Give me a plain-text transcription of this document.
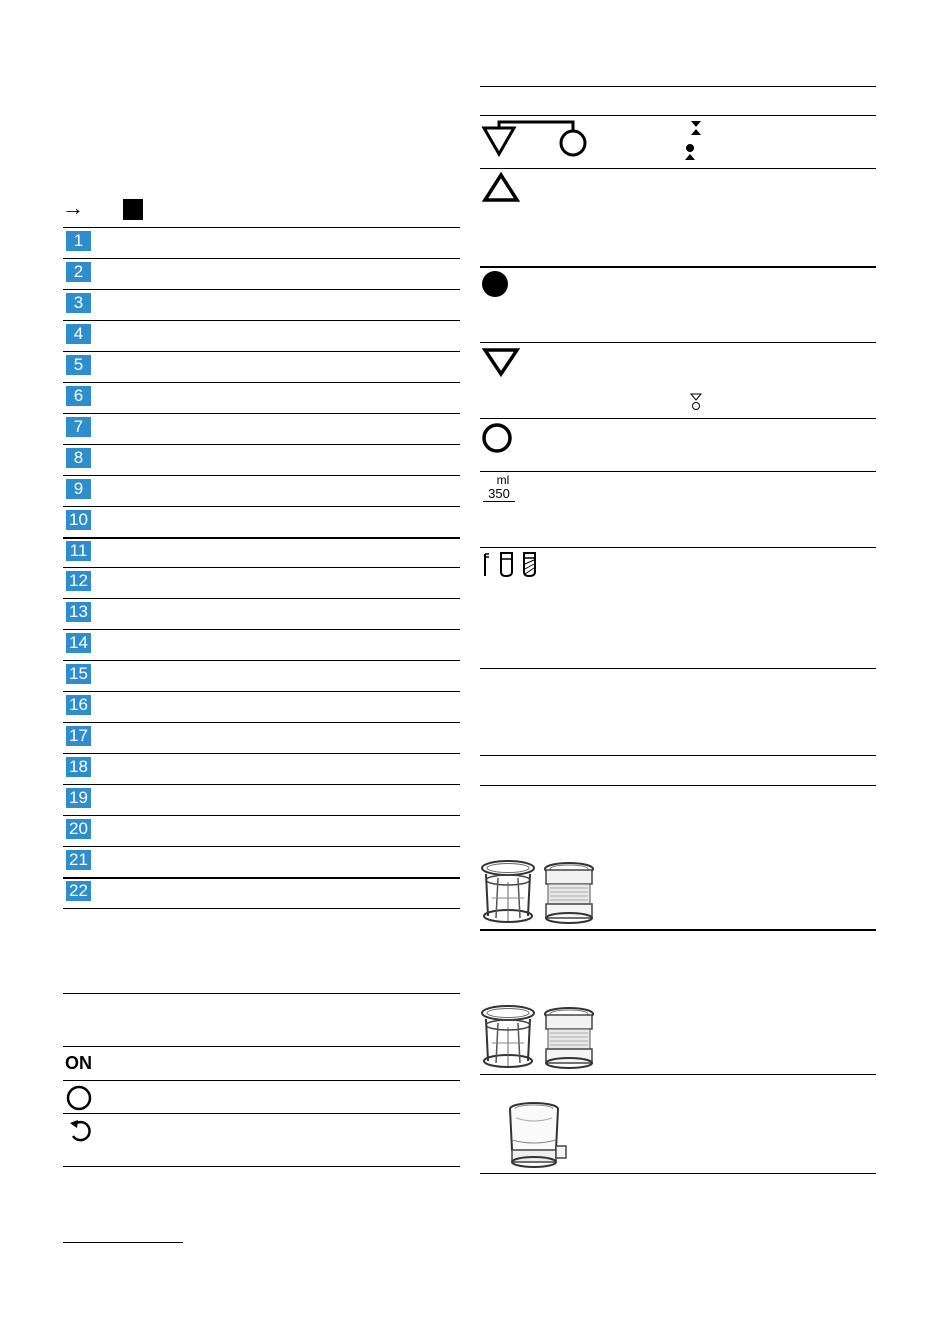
→
1
2
3
4
5
6
7
8
9
10
11
12
13
14
15
16
17
18
19
20
21
22
ON
ml
350
